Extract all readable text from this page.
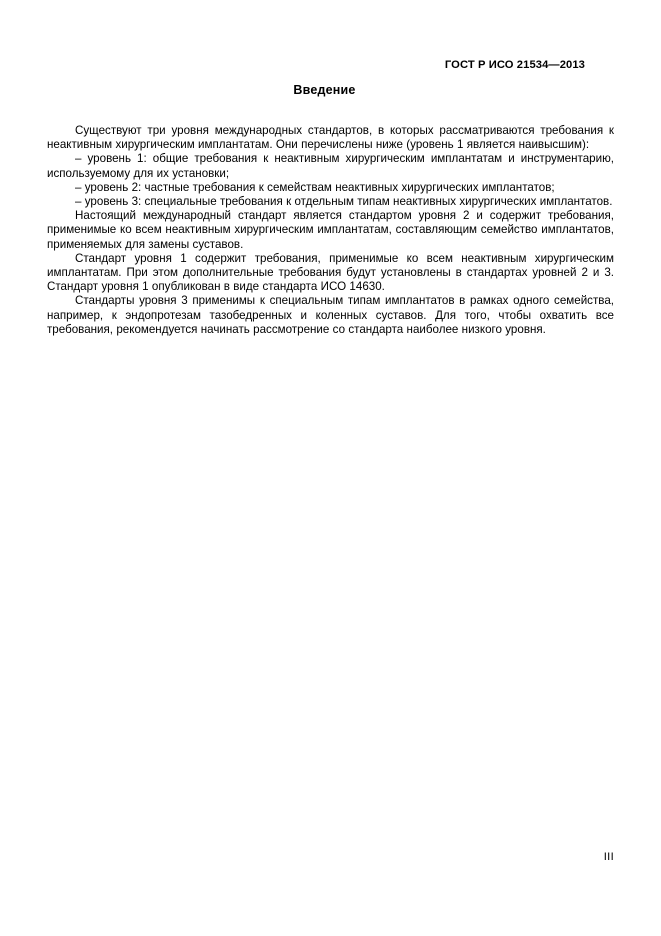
ГОСТ Р ИСО 21534—2013
Введение

Существуют три уровня международных стандартов, в которых рассматриваются требования к неактивным хирургическим имплантатам. Они перечислены ниже (уровень 1 является наивысшим):

– уровень 1: общие требования к неактивным хирургическим имплантатам и инструментарию, используемому для их установки;

– уровень 2: частные требования к семействам неактивных хирургических имплантатов;

– уровень 3: специальные требования к отдельным типам неактивных хирургических имплантатов.

Настоящий международный стандарт является стандартом уровня 2 и содержит требования, применимые ко всем неактивным хирургическим имплантатам, составляющим семейство имплантатов, применяемых для замены суставов.

Стандарт уровня 1 содержит требования, применимые ко всем неактивным хирургическим имплантатам. При этом дополнительные требования будут установлены в стандартах уровней 2 и 3. Стандарт уровня 1 опубликован в виде стандарта ИСО 14630.

Стандарты уровня 3 применимы к специальным типам имплантатов в рамках одного семейства, например, к эндопротезам тазобедренных и коленных суставов. Для того, чтобы охватить все требования, рекомендуется начинать рассмотрение со стандарта наиболее низкого уровня.

III
